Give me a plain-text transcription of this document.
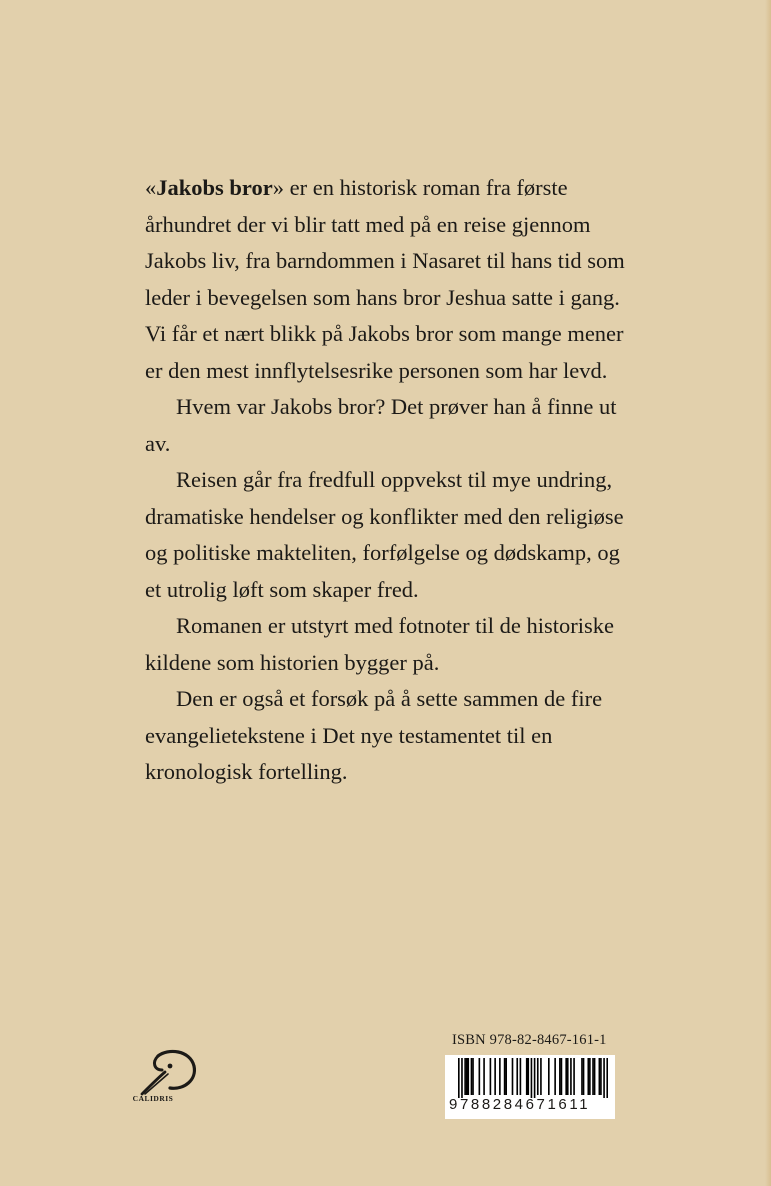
«Jakobs bror» er en historisk roman fra første århundret der vi blir tatt med på en reise gjennom Jakobs liv, fra barndommen i Nasaret til hans tid som leder i bevegelsen som hans bror Jeshua satte i gang. Vi får et nært blikk på Jakobs bror som mange mener er den mest innflytelsesrike personen som har levd.

Hvem var Jakobs bror? Det prøver han å finne ut av.

Reisen går fra fredfull oppvekst til mye undring, dramatiske hendelser og konflikter med den religiøse og politiske makteliten, forfølgelse og dødskamp, og et utrolig løft som skaper fred.

Romanen er utstyrt med fotnoter til de historiske kildene som historien bygger på.

Den er også et forsøk på å sette sammen de fire evangelietekstene i Det nye testamentet til en kronologisk fortelling.

CALIDRIS
ISBN 978-82-8467-161-1
9788284671611
